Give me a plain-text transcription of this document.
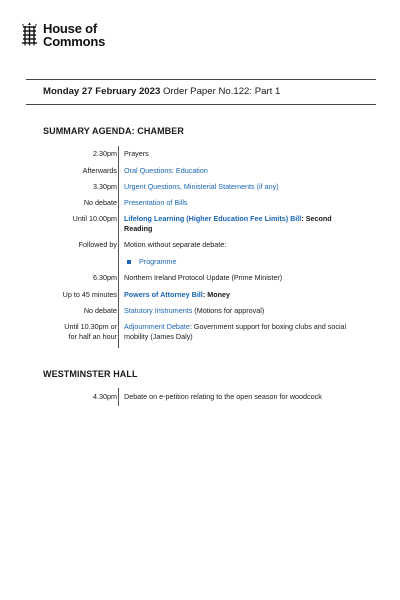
House of
Commons
Monday 27 February 2023 Order Paper No.122: Part 1
SUMMARY AGENDA: CHAMBER
2.30pm Prayers
Afterwards Oral Questions: Education
3.30pm Urgent Questions, Ministerial Statements (if any)
No debate Presentation of Bills
Until 10.00pm Lifelong Learning (Higher Education Fee Limits) Bill: Second Reading
Followed by Motion without separate debate:
Programme
6.30pm Northern Ireland Protocol Update (Prime Minister)
Up to 45 minutes Powers of Attorney Bill: Money
No debate Statutory Instruments (Motions for approval)
Until 10.30pm or
for half an hour
Adjournment Debate: Government support for boxing clubs and social mobility (James Daly)
WESTMINSTER HALL
4.30pm Debate on e-petition relating to the open season for woodcock
